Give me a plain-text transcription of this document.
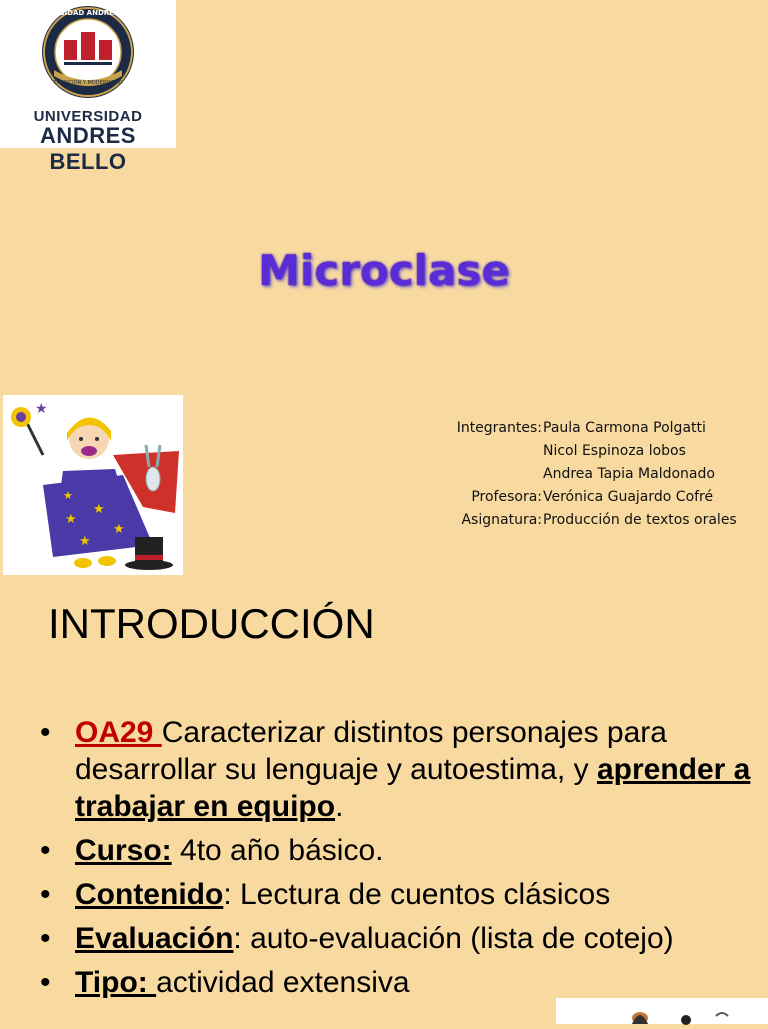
UNIVERSIDAD ANDRES BELLO
TRADICIÓN Y MODERNIDAD
UNIVERSIDAD
ANDRES BELLO
Microclase
★
★
★
★
★
★
Integrantes: Paula Carmona Polgatti
Nicol Espinoza lobos
Andrea Tapia Maldonado
Profesora: Verónica Guajardo Cofré
Asignatura: Producción de textos orales
INTRODUCCIÓN
• OA29 Caracterizar distintos personajes para desarrollar su lenguaje y autoestima, y aprender a trabajar en equipo.
• Curso: 4to año básico.
• Contenido: Lectura de cuentos clásicos
• Evaluación: auto-evaluación (lista de cotejo)
• Tipo: actividad extensiva
